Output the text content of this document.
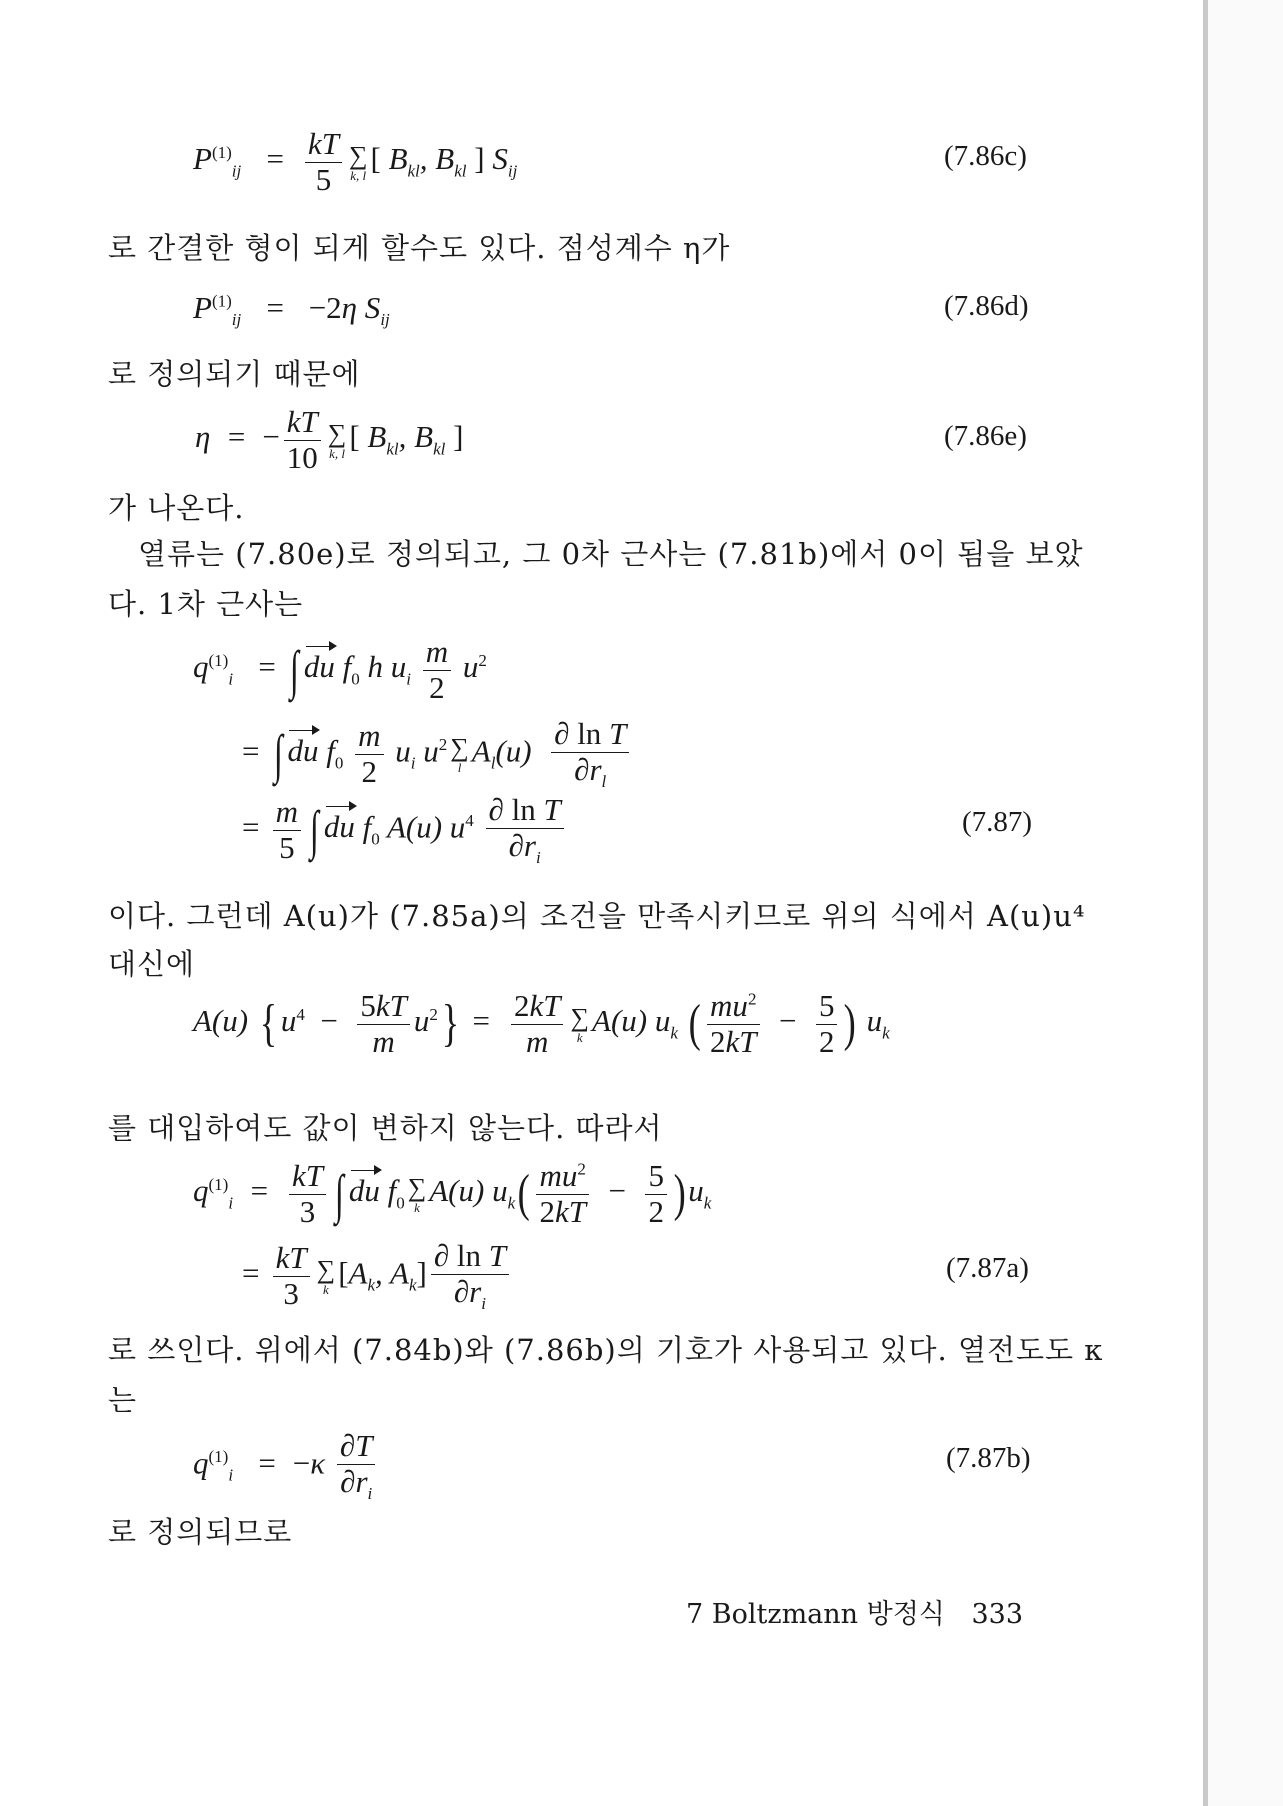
$P^{(1)}_{ij} = \frac{kT}{5}$ ∑
k, l [ $B_{kl}$, $B_{kl}$ ] $S_{ij}$	(7.86c)
로 간결한 형이 되게 할수도 있다. 점성계수 η가
$P^{(1)}_{ij} = -2\eta$ $S_{ij}$	(7.86d)
로 정의되기 때문에
η  =  − $\frac{kT}{10}$ ∑
k, l [ $B_{kl}$, $B_{kl}$ ]	(7.86e)
가 나온다.
열류는 (7.80e)로 정의되고, 그 0차 근사는 (7.81b)에서 0이 됨을 보았
다. 1차 근사는
$q^{(1)}_i$   = ∫ du $f_0$ h $u_i \frac{m}{2} u^2$
= ∫ du $f_0 \frac{m}{2} u_i$ $u^2$ ∑
l $A_l(u) \frac{\text{∂ ln T}}{\partial r_l}$
= $\frac{m}{5}$ ∫ du $f_0$ A(u) $u^4 \frac{\text{∂ ln T}}{\partial r_i}$	(7.87)
이다. 그런데 A(u)가 (7.85a)의 조건을 만족시키므로 위의 식에서 A(u)u⁴
대신에
A(u) { $u^4 - \frac{5kT}{m} u^2\} = \frac{2kT}{m}$ ∑
k A(u) $u_k$ ( $\frac{mu^2}{2kT} - \frac{5}{2}$ ) $u_k$
를 대입하여도 값이 변하지 않는다. 따라서
$q^{(1)}_i = \frac{kT}{3}$ ∫ du $f_0$
∑
k A(u) $u_k( \frac{mu^2}{2kT} - \frac{5}{2} )u_k$
= $\frac{kT}{3}$ ∑
k [$A_k$, $A_k] \frac{\text{∂ ln T}}{\partial r_i}$	(7.87a)
로 쓰인다. 위에서 (7.84b)와 (7.86b)의 기호가 사용되고 있다. 열전도도 κ
는
$q^{(1)}_i = -\kappa \frac{\partial T}{\partial r_i}$	(7.87b)
로 정의되므로
7 Boltzmann 방정식 333
